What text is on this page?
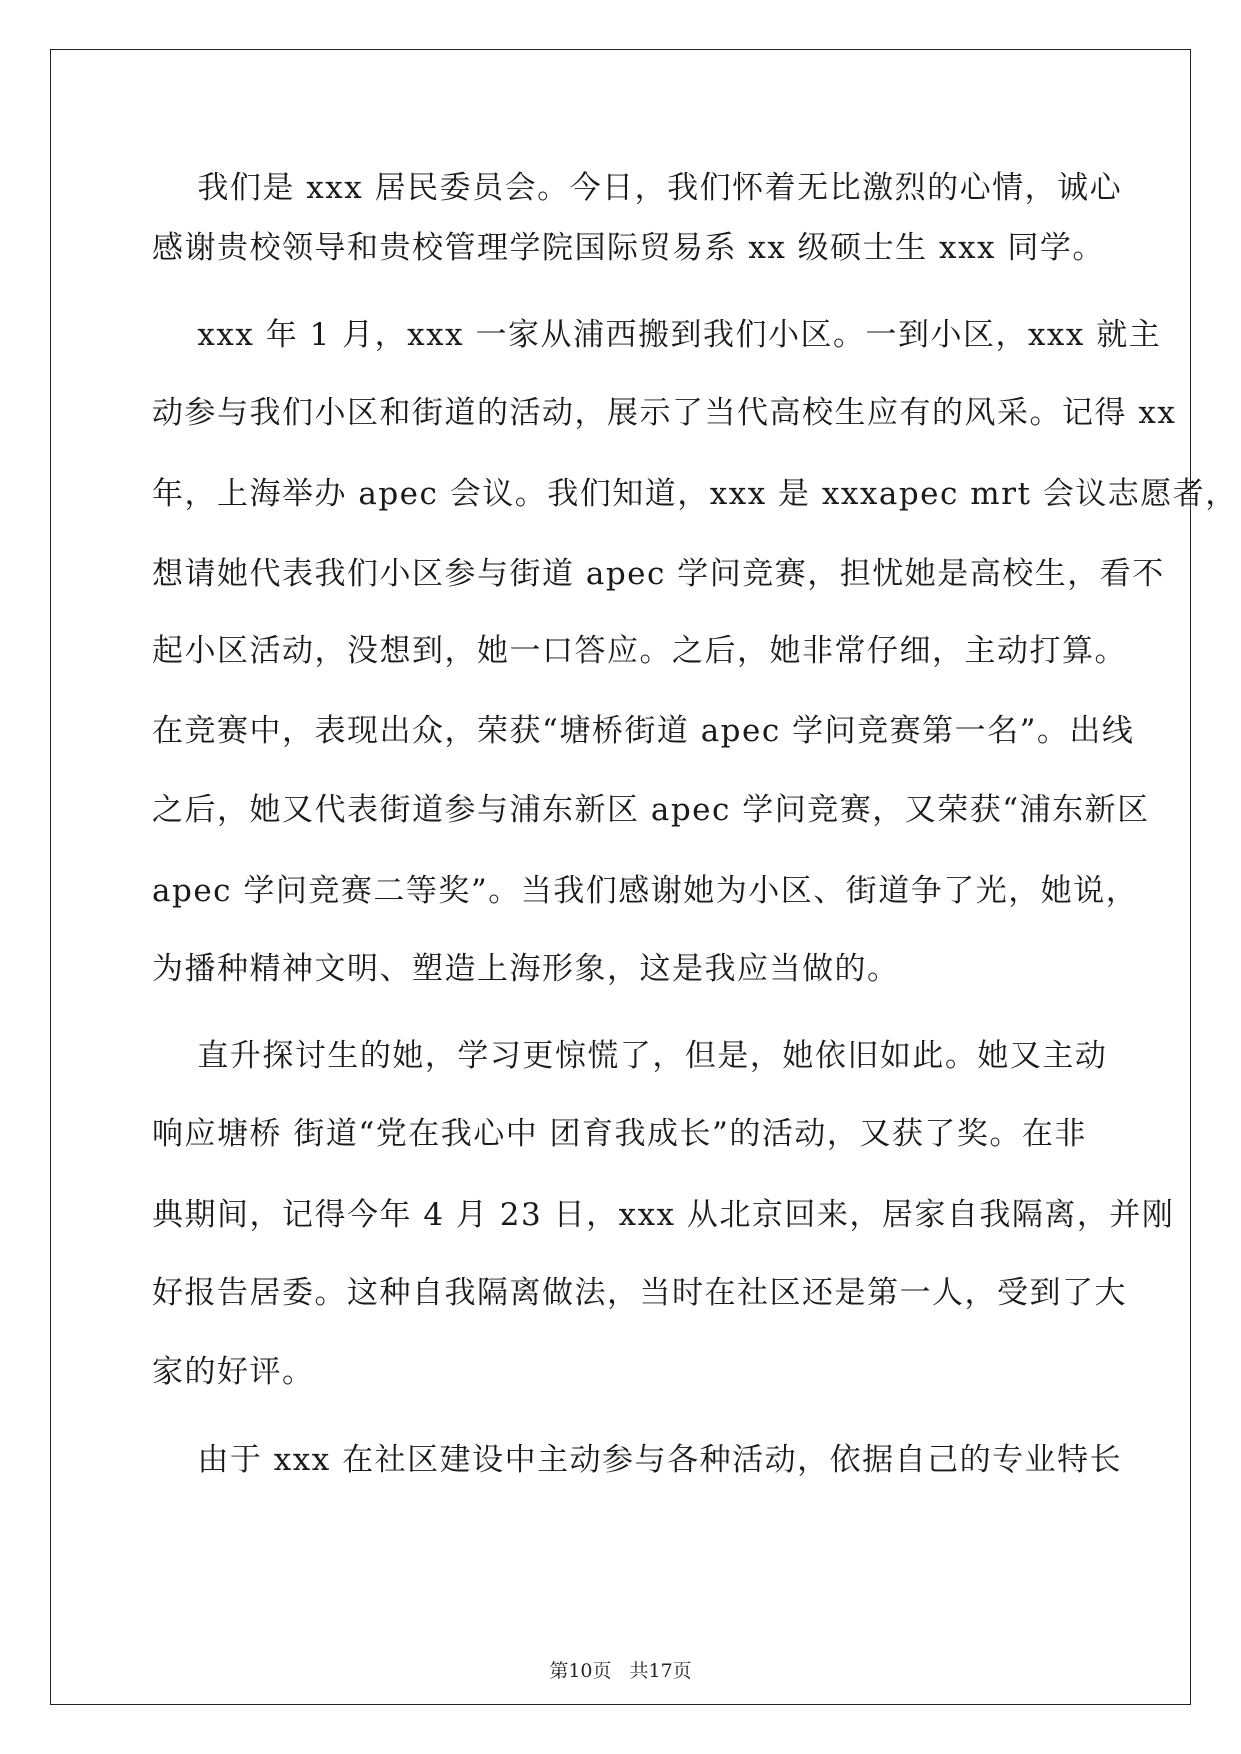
我们是 xxx 居民委员会。今日，我们怀着无比激烈的心情，诚心
感谢贵校领导和贵校管理学院国际贸易系 xx 级硕士生 xxx 同学。
xxx 年 1 月，xxx 一家从浦西搬到我们小区。一到小区，xxx 就主
动参与我们小区和街道的活动，展示了当代高校生应有的风采。记得 xx
年，上海举办 apec 会议。我们知道，xxx 是 xxxapec mrt 会议志愿者，
想请她代表我们小区参与街道 apec 学问竞赛，担忧她是高校生，看不
起小区活动，没想到，她一口答应。之后，她非常仔细，主动打算。
在竞赛中，表现出众，荣获“塘桥街道 apec 学问竞赛第一名”。出线
之后，她又代表街道参与浦东新区 apec 学问竞赛，又荣获“浦东新区
apec 学问竞赛二等奖”。当我们感谢她为小区、街道争了光，她说，
为播种精神文明、塑造上海形象，这是我应当做的。
直升探讨生的她，学习更惊慌了，但是，她依旧如此。她又主动
响应塘桥 街道“党在我心中 团育我成长”的活动，又获了奖。在非
典期间，记得今年 4 月 23 日，xxx 从北京回来，居家自我隔离，并刚
好报告居委。这种自我隔离做法，当时在社区还是第一人，受到了大
家的好评。
由于 xxx 在社区建设中主动参与各种活动，依据自己的专业特长
第10页 共17页
